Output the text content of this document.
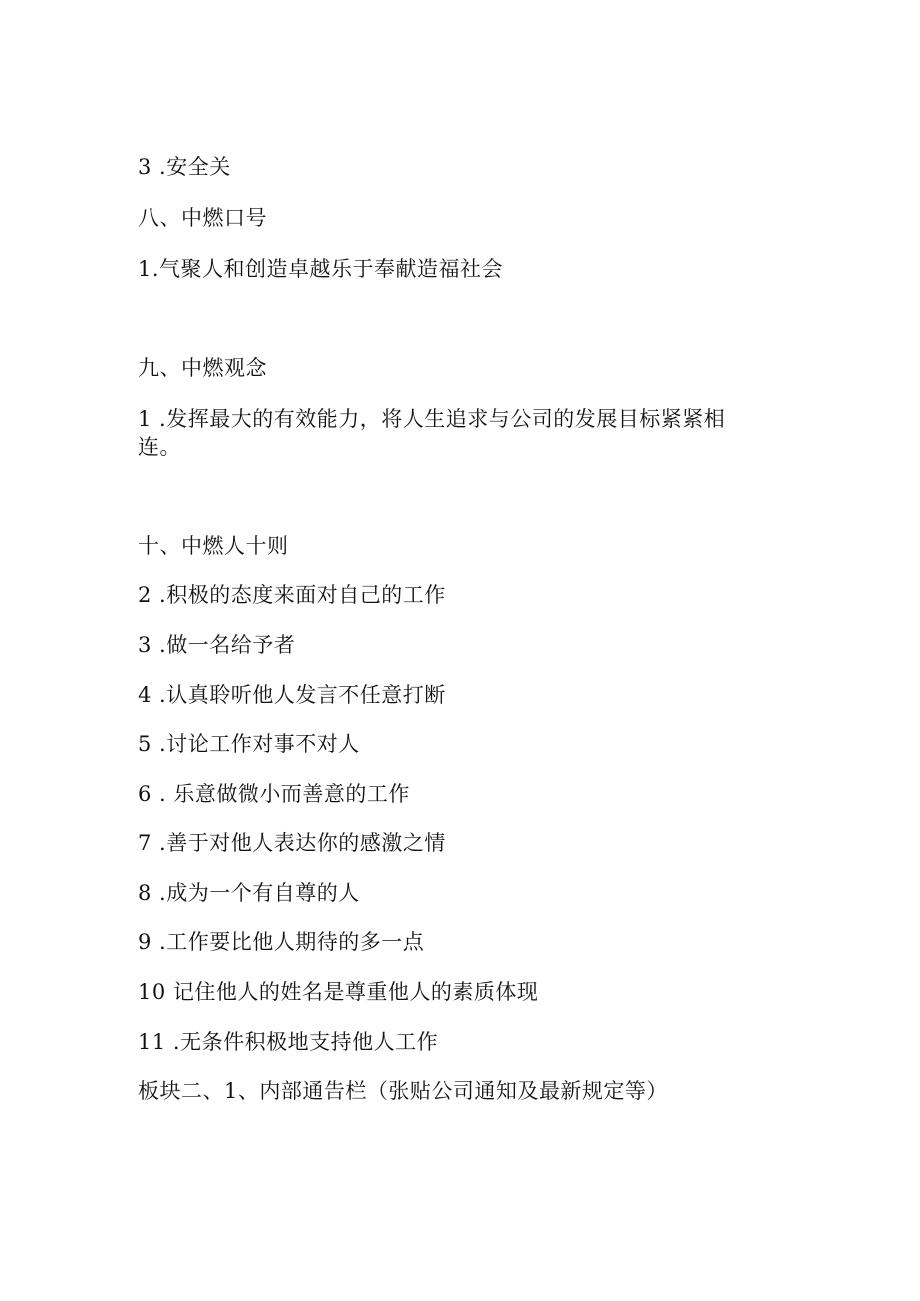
3 .安全关
八、中燃口号
1.气聚人和创造卓越乐于奉献造福社会
九、中燃观念
1 .发挥最大的有效能力，将人生追求与公司的发展目标紧紧相连。
十、中燃人十则
2 .积极的态度来面对自己的工作
3 .做一名给予者
4 .认真聆听他人发言不任意打断
5 .讨论工作对事不对人
6 . 乐意做微小而善意的工作
7 .善于对他人表达你的感激之情
8 .成为一个有自尊的人
9 .工作要比他人期待的多一点
10 记住他人的姓名是尊重他人的素质体现
11 .无条件积极地支持他人工作
板块二、1、内部通告栏（张贴公司通知及最新规定等）
